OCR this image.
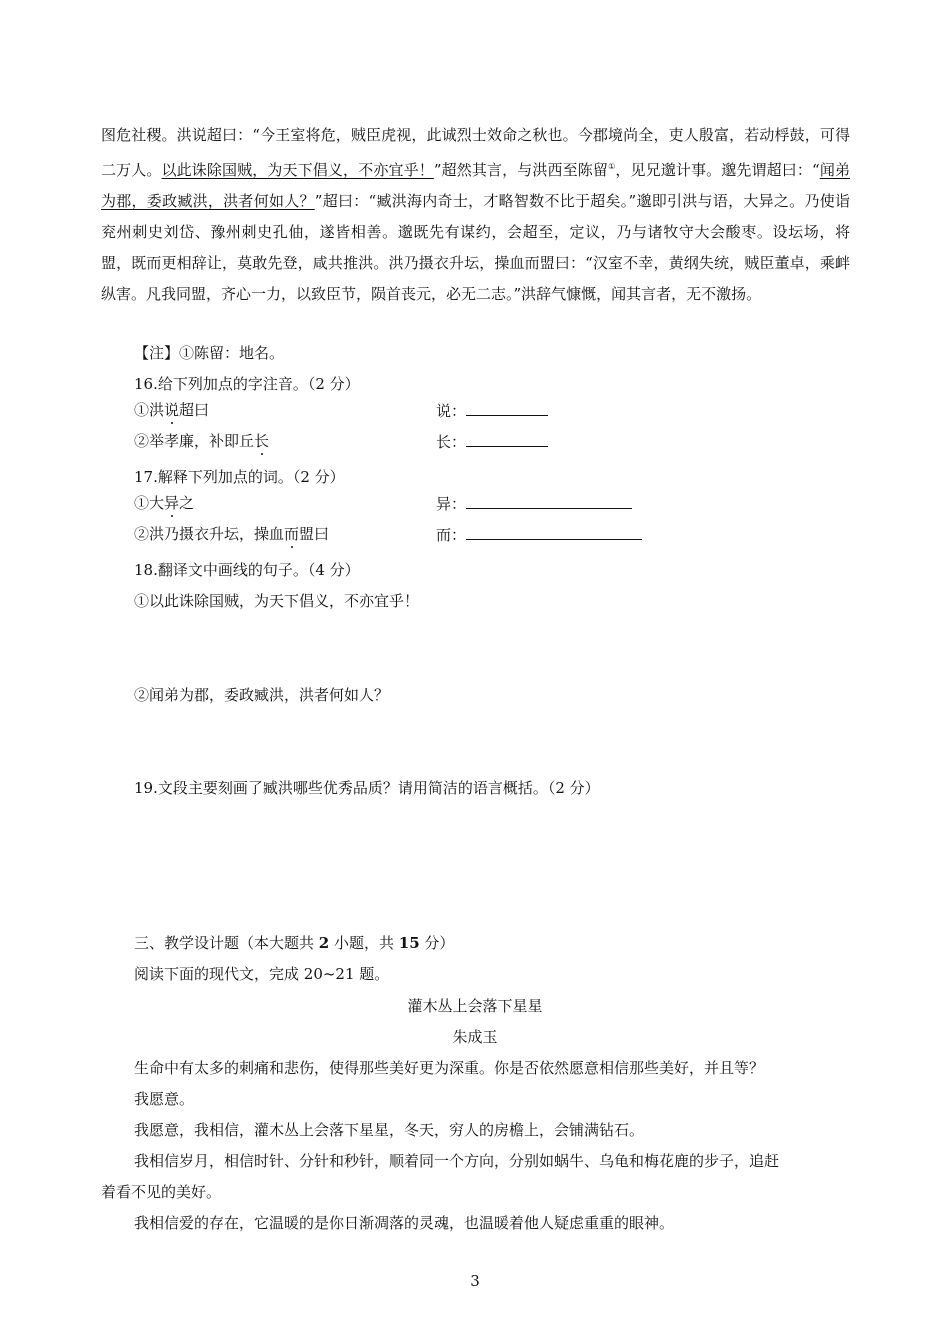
图危社稷。洪说超曰：“今王室将危，贼臣虎视，此诚烈士效命之秋也。今郡境尚全，吏人殷富，若动桴鼓，可得二万人。以此诛除国贼，为天下倡义，不亦宜乎！”超然其言，与洪西至陈留①，见兄邈计事。邈先谓超曰：“闻弟为郡，委政臧洪，洪者何如人？”超曰：“臧洪海内奇士，才略智数不比于超矣。”邈即引洪与语，大异之。乃使诣兖州刺史刘岱、豫州刺史孔伷，遂皆相善。邈既先有谋约，会超至，定议，乃与诸牧守大会酸枣。设坛场，将盟，既而更相辞让，莫敢先登，咸共推洪。洪乃摄衣升坛，操血而盟曰：“汉室不幸，黄纲失统，贼臣董卓，乘衅纵害。凡我同盟，齐心一力，以致臣节，陨首丧元，必无二志。”洪辞气慷慨，闻其言者，无不激扬。
【注】①陈留：地名。
16.给下列加点的字注音。（2 分）
①洪说超曰	说：
②举孝廉，补即丘长	长：
17.解释下列加点的词。（2 分）
①大异之	异：
②洪乃摄衣升坛，操血而盟曰	而：
18.翻译文中画线的句子。（4 分）
①以此诛除国贼，为天下倡义，不亦宜乎！
②闻弟为郡，委政臧洪，洪者何如人？
19.文段主要刻画了臧洪哪些优秀品质？请用简洁的语言概括。（2 分）
三、教学设计题（本大题共 2 小题，共 15 分）
阅读下面的现代文，完成 20~21 题。
灌木丛上会落下星星
朱成玉
生命中有太多的刺痛和悲伤，使得那些美好更为深重。你是否依然愿意相信那些美好，并且等？
我愿意。
我愿意，我相信，灌木丛上会落下星星，冬天，穷人的房檐上，会铺满钻石。
我相信岁月，相信时针、分针和秒针，顺着同一个方向，分别如蜗牛、乌龟和梅花鹿的步子，追赶
着看不见的美好。
我相信爱的存在，它温暖的是你日渐凋落的灵魂，也温暖着他人疑虑重重的眼神。
3
